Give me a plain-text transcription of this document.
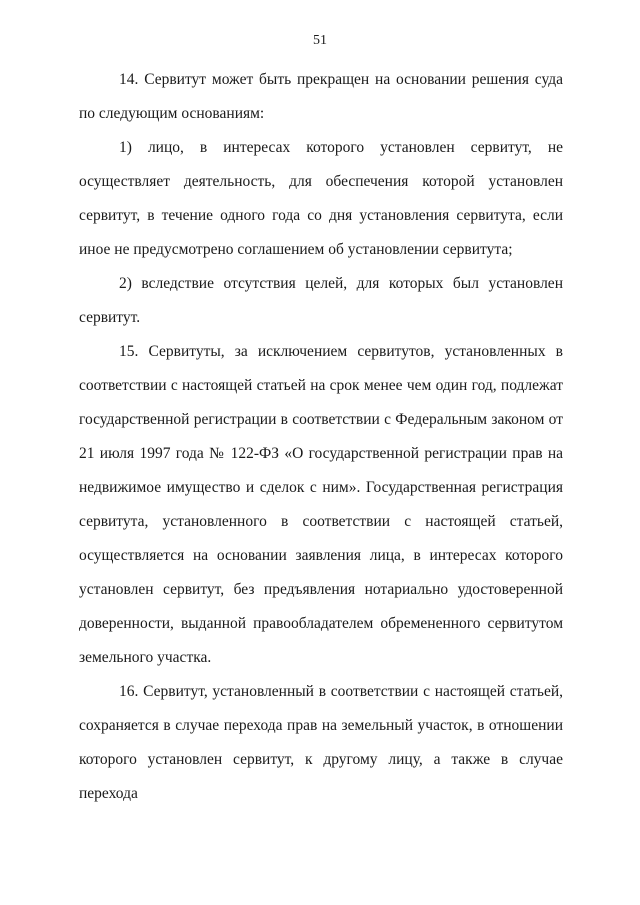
51

14. Сервитут может быть прекращен на основании решения суда по следующим основаниям:

1) лицо, в интересах которого установлен сервитут, не осуществляет деятельность, для обеспечения которой установлен сервитут, в течение одного года со дня установления сервитута, если иное не предусмотрено соглашением об установлении сервитута;

2) вследствие отсутствия целей, для которых был установлен сервитут.

15. Сервитуты, за исключением сервитутов, установленных в соответствии с настоящей статьей на срок менее чем один год, подлежат государственной регистрации в соответствии с Федеральным законом от 21 июля 1997 года № 122-ФЗ «О государственной регистрации прав на недвижимое имущество и сделок с ним». Государственная регистрация сервитута, установленного в соответствии с настоящей статьей, осуществляется на основании заявления лица, в интересах которого установлен сервитут, без предъявления нотариально удостоверенной доверенности, выданной правообладателем обремененного сервитутом земельного участка.

16. Сервитут, установленный в соответствии с настоящей статьей, сохраняется в случае перехода прав на земельный участок, в отношении которого установлен сервитут, к другому лицу, а также в случае перехода
